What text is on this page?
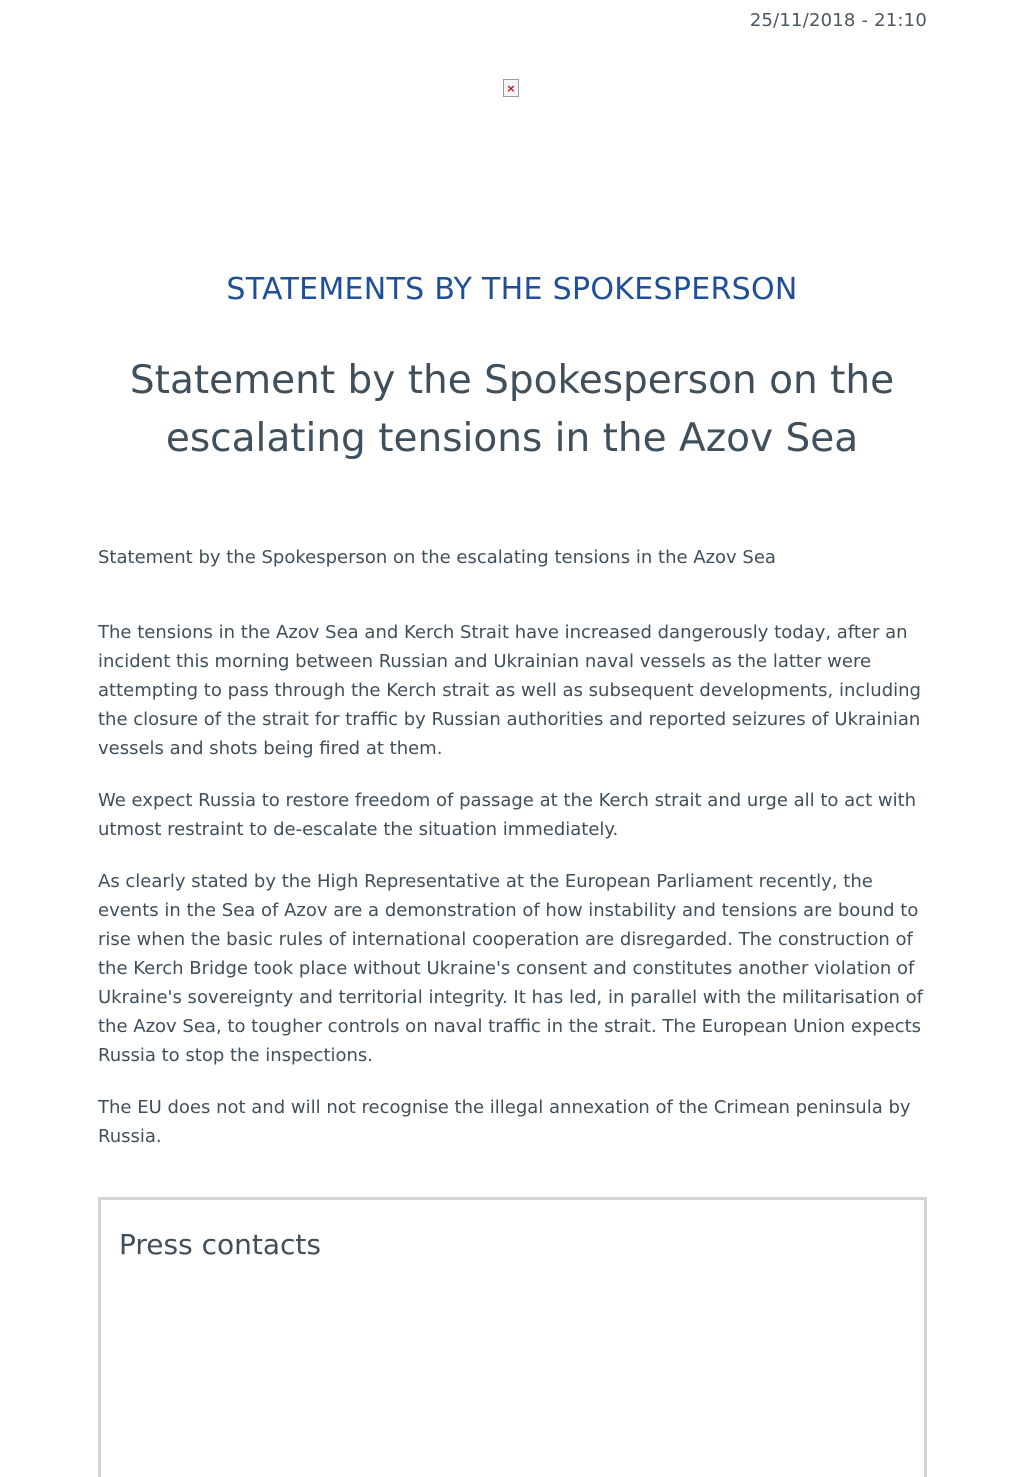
25/11/2018 - 21:10
×
STATEMENTS BY THE SPOKESPERSON
Statement by the Spokesperson on the escalating tensions in the Azov Sea
Statement by the Spokesperson on the escalating tensions in the Azov Sea

The tensions in the Azov Sea and Kerch Strait have increased dangerously today, after an incident this morning between Russian and Ukrainian naval vessels as the latter were attempting to pass through the Kerch strait as well as subsequent developments, including the closure of the strait for traffic by Russian authorities and reported seizures of Ukrainian vessels and shots being fired at them.

We expect Russia to restore freedom of passage at the Kerch strait and urge all to act with utmost restraint to de-escalate the situation immediately.

As clearly stated by the High Representative at the European Parliament recently, the events in the Sea of Azov are a demonstration of how instability and tensions are bound to rise when the basic rules of international cooperation are disregarded. The construction of the Kerch Bridge took place without Ukraine's consent and constitutes another violation of Ukraine's sovereignty and territorial integrity. It has led, in parallel with the militarisation of the Azov Sea, to tougher controls on naval traffic in the strait. The European Union expects Russia to stop the inspections.

The EU does not and will not recognise the illegal annexation of the Crimean peninsula by Russia.

Press contacts
